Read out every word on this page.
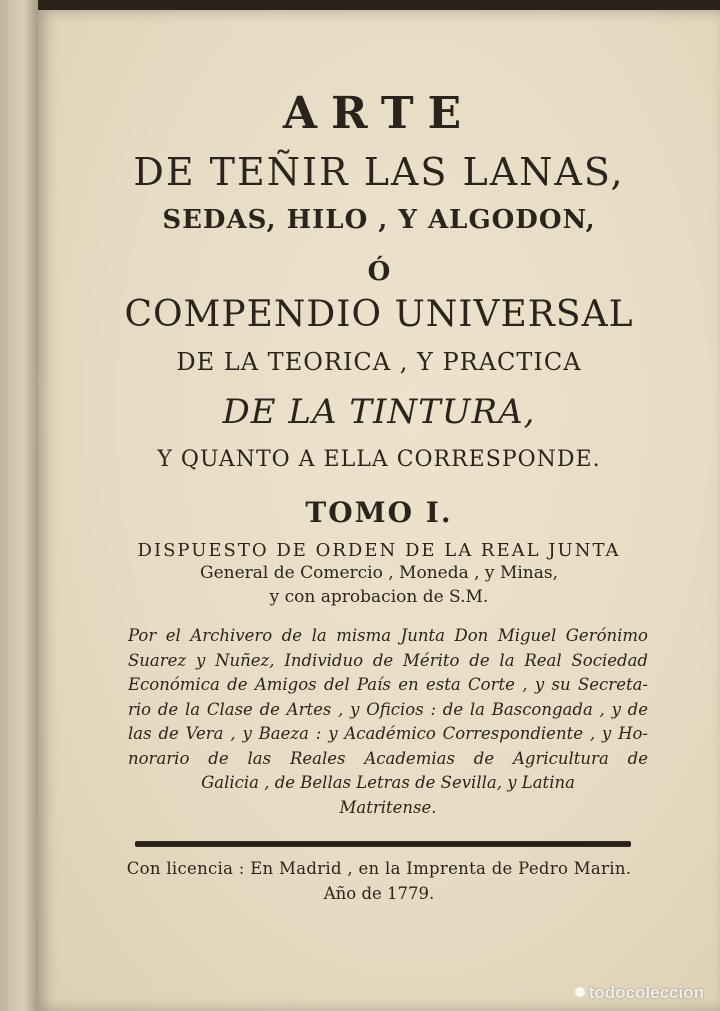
ARTE
DE TEÑIR LAS LANAS,
SEDAS, HILO , Y ALGODON,
Ó
COMPENDIO UNIVERSAL
DE LA TEORICA , Y PRACTICA
DE LA TINTURA,
Y QUANTO A ELLA CORRESPONDE.
TOMO I.
DISPUESTO DE ORDEN DE LA REAL JUNTA
General de Comercio , Moneda , y Minas,
y con aprobacion de S.M.
Por el Archivero de la misma Junta Don Miguel Gerónimo
Suarez y Nuñez, Individuo de Mérito de la Real Sociedad
Económica de Amigos del País en esta Corte , y su Secreta-
rio de la Clase de Artes , y Oficios : de la Bascongada , y de
las de Vera , y Baeza : y Académico Correspondiente , y Ho-
norario de las Reales Academias de Agricultura de
Galicia , de Bellas Letras de Sevilla, y Latina
Matritense.
Con licencia : En Madrid , en la Imprenta de Pedro Marin.
Año de 1779.
todocoleccion
